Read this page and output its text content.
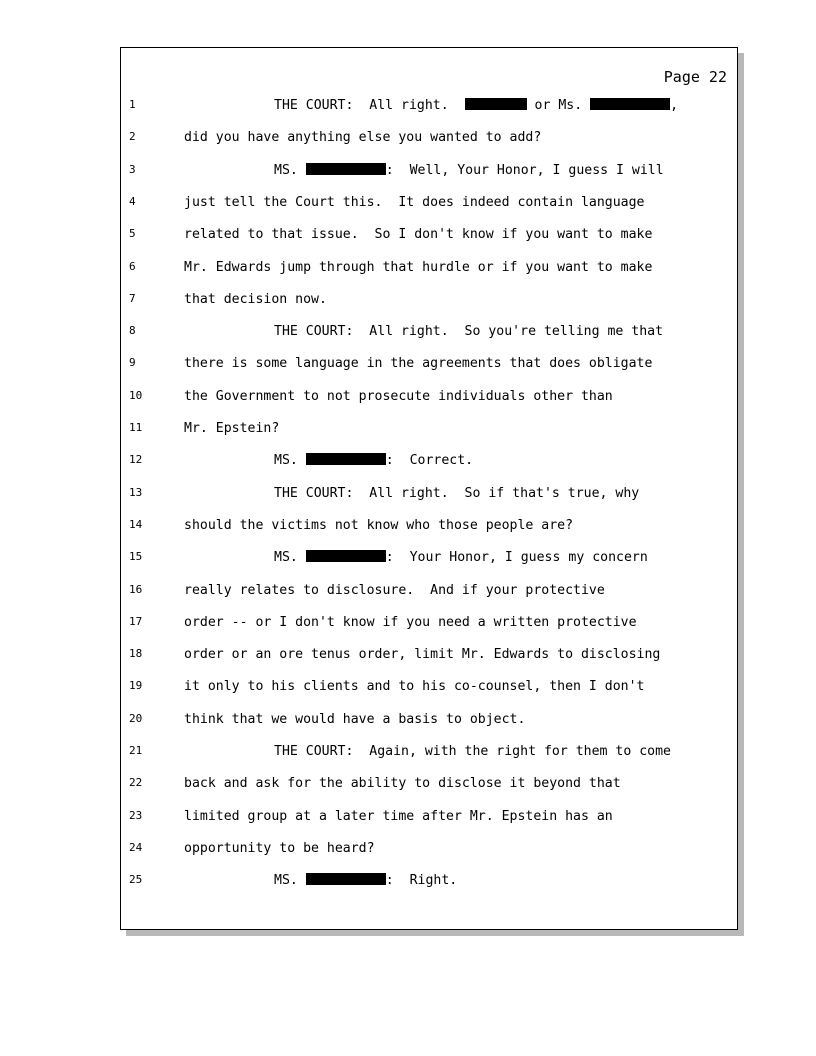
Page 22
1	THE COURT:  All right.	or Ms.	,
2	did you have anything else you wanted to add?
3	MS.	:  Well, Your Honor, I guess I will
4	just tell the Court this.  It does indeed contain language
5	related to that issue.  So I don't know if you want to make
6	Mr. Edwards jump through that hurdle or if you want to make
7	that decision now.
8	THE COURT:  All right.  So you're telling me that
9	there is some language in the agreements that does obligate
10	the Government to not prosecute individuals other than
11	Mr. Epstein?
12	MS.	:  Correct.
13	THE COURT:  All right.  So if that's true, why
14	should the victims not know who those people are?
15	MS.	:  Your Honor, I guess my concern
16	really relates to disclosure.  And if your protective
17	order -- or I don't know if you need a written protective
18	order or an ore tenus order, limit Mr. Edwards to disclosing
19	it only to his clients and to his co-counsel, then I don't
20	think that we would have a basis to object.
21	THE COURT:  Again, with the right for them to come
22	back and ask for the ability to disclose it beyond that
23	limited group at a later time after Mr. Epstein has an
24	opportunity to be heard?
25	MS.	:  Right.
